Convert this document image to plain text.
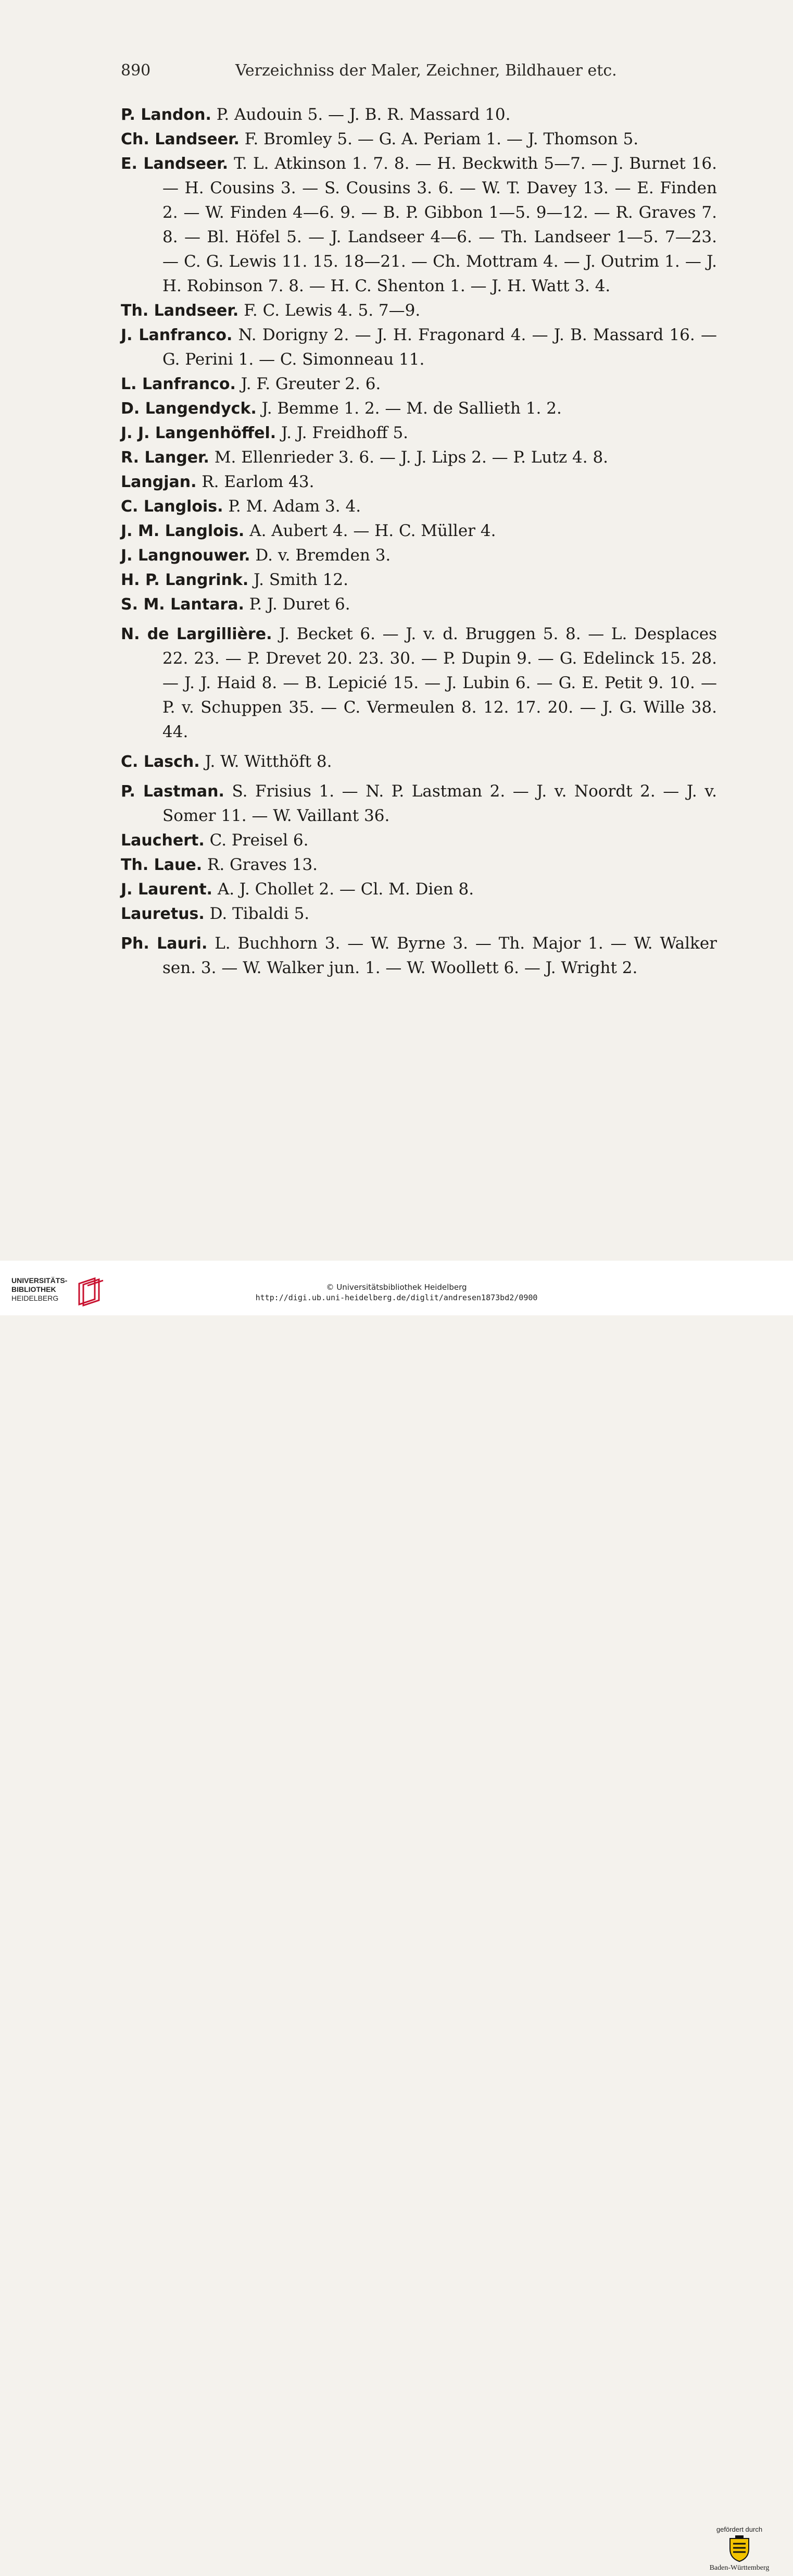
890	Verzeichniss der Maler, Zeichner, Bildhauer etc.

P. Landon. P. Audouin 5. — J. B. R. Massard 10.

Ch. Landseer. F. Bromley 5. — G. A. Periam 1. — J. Thomson 5.

E. Landseer. T. L. Atkinson 1. 7. 8. — H. Beckwith 5—7. — J. Burnet 16. — H. Cousins 3. — S. Cousins 3. 6. — W. T. Davey 13. — E. Finden 2. — W. Finden 4—6. 9. — B. P. Gibbon 1—5. 9—12. — R. Graves 7. 8. — Bl. Höfel 5. — J. Landseer 4—6. — Th. Landseer 1—5. 7—23. — C. G. Lewis 11. 15. 18—21. — Ch. Mottram 4. — J. Outrim 1. — J. H. Robinson 7. 8. — H. C. Shenton 1. — J. H. Watt 3. 4.

Th. Landseer. F. C. Lewis 4. 5. 7—9.

J. Lanfranco. N. Dorigny 2. — J. H. Fragonard 4. — J. B. Massard 16. — G. Perini 1. — C. Simonneau 11.

L. Lanfranco. J. F. Greuter 2. 6.

D. Langendyck. J. Bemme 1. 2. — M. de Sallieth 1. 2.

J. J. Langenhöffel. J. J. Freidhoff 5.

R. Langer. M. Ellenrieder 3. 6. — J. J. Lips 2. — P. Lutz 4. 8.

Langjan. R. Earlom 43.

C. Langlois. P. M. Adam 3. 4.

J. M. Langlois. A. Aubert 4. — H. C. Müller 4.

J. Langnouwer. D. v. Bremden 3.

H. P. Langrink. J. Smith 12.

S. M. Lantara. P. J. Duret 6.

N. de Largillière. J. Becket 6. — J. v. d. Bruggen 5. 8. — L. Desplaces 22. 23. — P. Drevet 20. 23. 30. — P. Dupin 9. — G. Edelinck 15. 28. — J. J. Haid 8. — B. Lepicié 15. — J. Lubin 6. — G. E. Petit 9. 10. — P. v. Schuppen 35. — C. Vermeulen 8. 12. 17. 20. — J. G. Wille 38. 44.

C. Lasch. J. W. Witthöft 8.

P. Lastman. S. Frisius 1. — N. P. Lastman 2. — J. v. Noordt 2. — J. v. Somer 11. — W. Vaillant 36.

Lauchert. C. Preisel 6.

Th. Laue. R. Graves 13.

J. Laurent. A. J. Chollet 2. — Cl. M. Dien 8.

Lauretus. D. Tibaldi 5.

Ph. Lauri. L. Buchhorn 3. — W. Byrne 3. — Th. Major 1. — W. Walker sen. 3. — W. Walker jun. 1. — W. Woollett 6. — J. Wright 2.

UNIVERSITÄTS-
BIBLIOTHEK
HEIDELBERG
gefördert durch
Baden-Württemberg
© Universitätsbibliothek Heidelberg
http://digi.ub.uni-heidelberg.de/diglit/andresen1873bd2/0900
